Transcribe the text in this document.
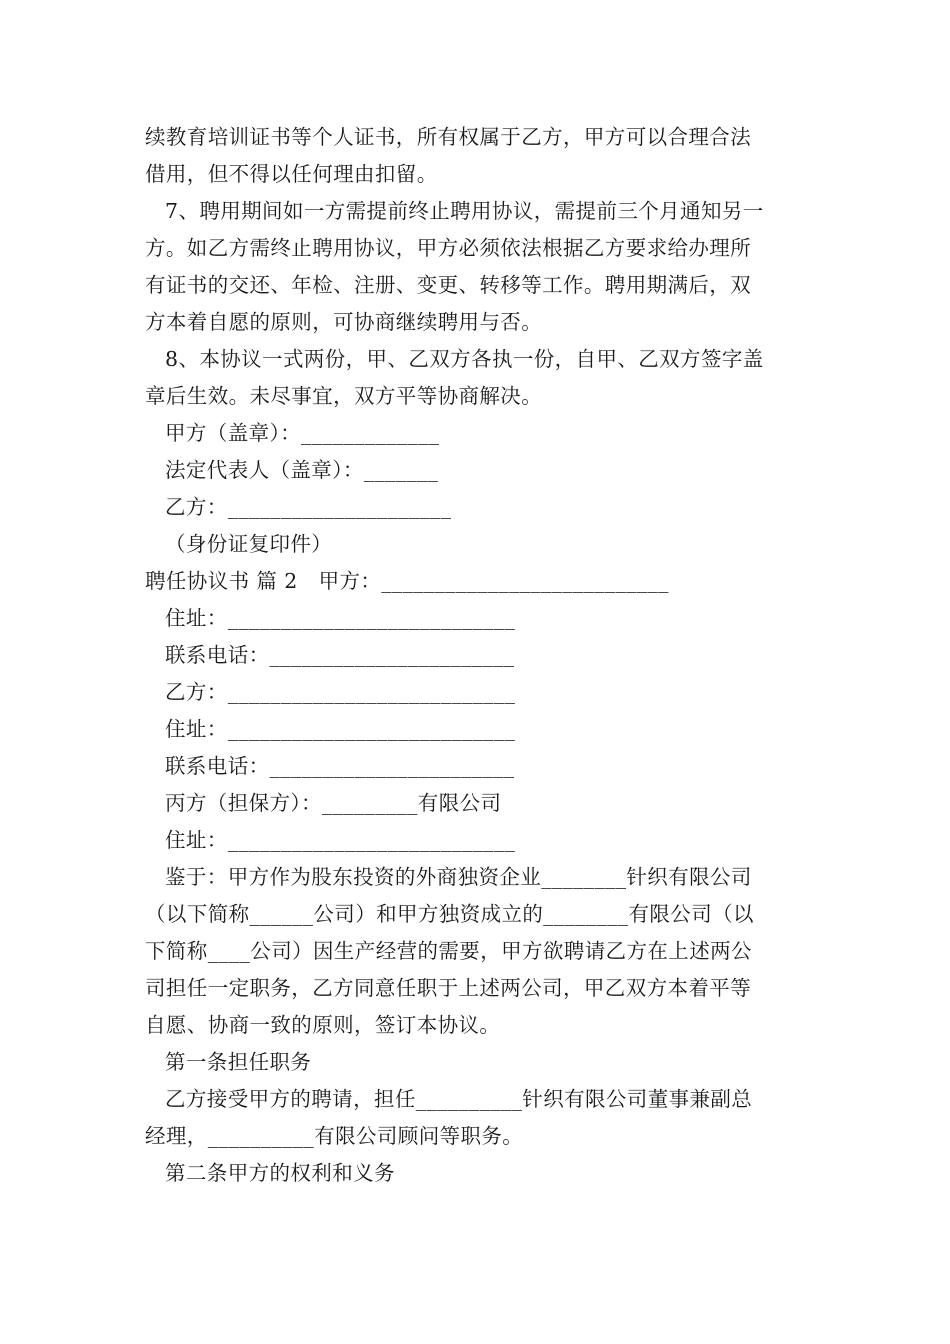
续教育培训证书等个人证书，所有权属于乙方，甲方可以合理合法
借用，但不得以任何理由扣留。
7、聘用期间如一方需提前终止聘用协议，需提前三个月通知另一
方。如乙方需终止聘用协议，甲方必须依法根据乙方要求给办理所
有证书的交还、年检、注册、变更、转移等工作。聘用期满后，双
方本着自愿的原则，可协商继续聘用与否。
8、本协议一式两份，甲、乙双方各执一份，自甲、乙双方签字盖
章后生效。未尽事宜，双方平等协商解决。
甲方（盖章）：_____________
法定代表人（盖章）：_______
乙方：_____________________
（身份证复印件）
聘任协议书 篇 2　甲方：___________________________
住址：___________________________
联系电话：_______________________
乙方：___________________________
住址：___________________________
联系电话：_______________________
丙方（担保方）：_________有限公司
住址：___________________________
鉴于：甲方作为股东投资的外商独资企业________针织有限公司
（以下简称______公司）和甲方独资成立的________有限公司（以
下简称____公司）因生产经营的需要，甲方欲聘请乙方在上述两公
司担任一定职务，乙方同意任职于上述两公司，甲乙双方本着平等
自愿、协商一致的原则，签订本协议。
第一条担任职务
乙方接受甲方的聘请，担任__________针织有限公司董事兼副总
经理，__________有限公司顾问等职务。
第二条甲方的权利和义务
